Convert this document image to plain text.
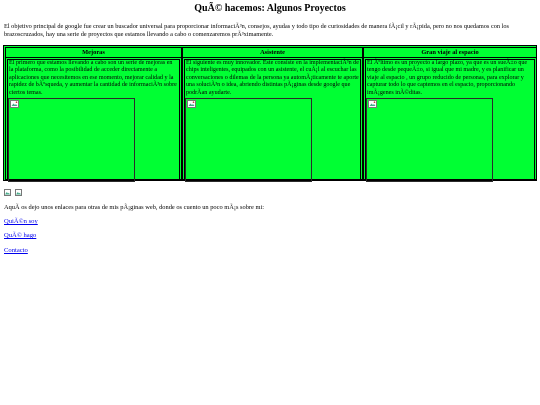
QuÃ© hacemos: Algunos Proyectos
El objetivo principal de google fue crear un buscador universal para proporcionar informaciÃ³n, consejos, ayudas y todo tipo de curiosidades de manera fÃ¡cil y rÃ¡pida, pero no nos quedamos con los brazoscruzados, hay una serie de proyectos que estamos llevando a cabo o comenzaremos prÃ³ximamente.
Mejoras
El primero que estamos llevando a cabo son un serie de mejoras en la plataforma, como la posibilidad de acceder directamente a aplicaciones que necesitemos en ese momento, mejorar calidad y la rapidez de bÃºsqueda, y aumentar la cantidad de informaciÃ³n sobre ciertos temas.
Asistente
El siguiente es muy innovador. Este consiste en la implementaciÃ³n de chips inteligentes, equipados con un asistente, el cuÃ¡l al escuchar las conversaciones o dilemas de la persona ya automÃ¡ticamente te aporte una soluciÃ³n o idea, abriendo distintas pÃ¡ginas desde google que podrÃan ayudarte.
Gran viaje al espacio
El Ãºltimo es un proyecto a largo plazo, ya que es un sueÃ±o que tengo desde pequeÃ±o, si igual que mi madre, y es planificar un viaje al espacio , un grupo reducido de personas, para explorar y capturar todo lo que captemos en el espacio, proporcionando imÃ¡genes inÃ©ditas.

AquÃ os dejo unos enlaces para otras de mis pÃ¡ginas web, donde os cuento un poco mÃ¡s sobre mi:
QuiÃ©n soy
QuÃ© hago
Contacto
